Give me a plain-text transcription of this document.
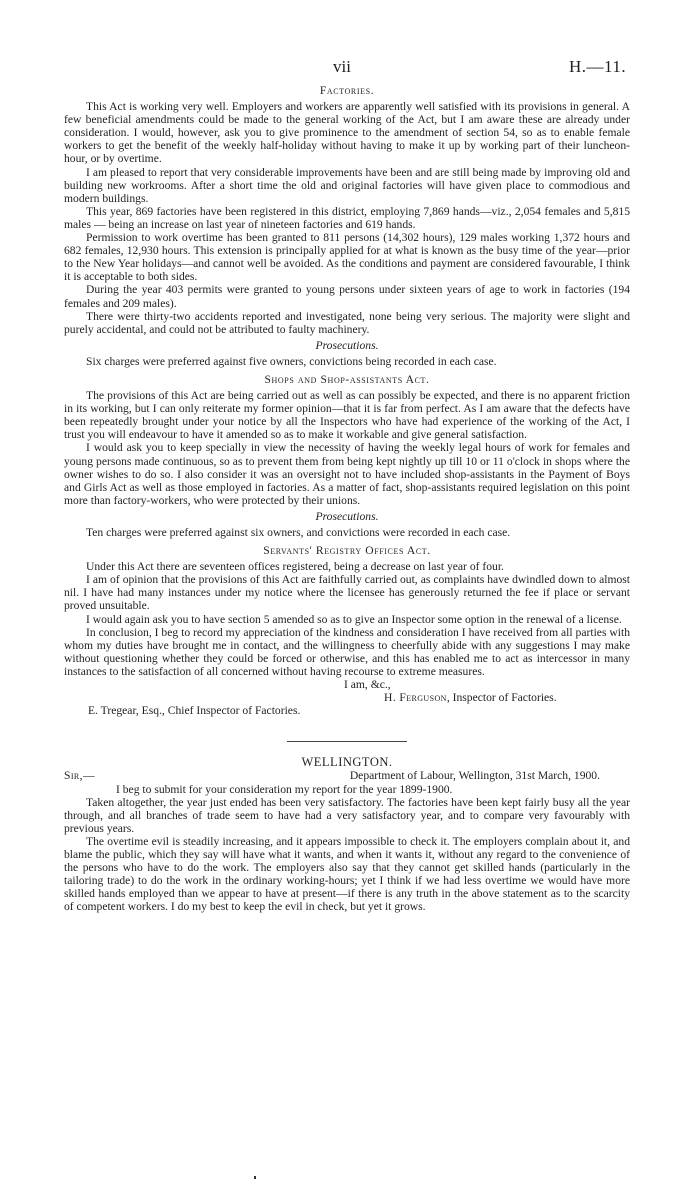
vii	H.—11.
Factories.

This Act is working very well. Employers and workers are apparently well satisfied with its provisions in general. A few beneficial amendments could be made to the general working of the Act, but I am aware these are already under consideration. I would, however, ask you to give prominence to the amendment of section 54, so as to enable female workers to get the benefit of the weekly half-holiday without having to make it up by working part of their luncheon-hour, or by overtime.

I am pleased to report that very considerable improvements have been and are still being made by improving old and building new workrooms. After a short time the old and original factories will have given place to commodious and modern buildings.

This year, 869 factories have been registered in this district, employing 7,869 hands—viz., 2,054 females and 5,815 males — being an increase on last year of nineteen factories and 619 hands.

Permission to work overtime has been granted to 811 persons (14,302 hours), 129 males working 1,372 hours and 682 females, 12,930 hours. This extension is principally applied for at what is known as the busy time of the year—prior to the New Year holidays—and cannot well be avoided. As the conditions and payment are considered favourable, I think it is acceptable to both sides.

During the year 403 permits were granted to young persons under sixteen years of age to work in factories (194 females and 209 males).

There were thirty-two accidents reported and investigated, none being very serious. The majority were slight and purely accidental, and could not be attributed to faulty machinery.

Prosecutions.

Six charges were preferred against five owners, convictions being recorded in each case.

Shops and Shop-assistants Act.

The provisions of this Act are being carried out as well as can possibly be expected, and there is no apparent friction in its working, but I can only reiterate my former opinion—that it is far from perfect. As I am aware that the defects have been repeatedly brought under your notice by all the Inspectors who have had experience of the working of the Act, I trust you will endeavour to have it amended so as to make it workable and give general satisfaction.

I would ask you to keep specially in view the necessity of having the weekly legal hours of work for females and young persons made continuous, so as to prevent them from being kept nightly up till 10 or 11 o'clock in shops where the owner wishes to do so. I also consider it was an oversight not to have included shop-assistants in the Payment of Boys and Girls Act as well as those employed in factories. As a matter of fact, shop-assistants required legislation on this point more than factory-workers, who were protected by their unions.

Prosecutions.

Ten charges were preferred against six owners, and convictions were recorded in each case.

Servants' Registry Offices Act.

Under this Act there are seventeen offices registered, being a decrease on last year of four.

I am of opinion that the provisions of this Act are faithfully carried out, as complaints have dwindled down to almost nil. I have had many instances under my notice where the licensee has generously returned the fee if place or servant proved unsuitable.

I would again ask you to have section 5 amended so as to give an Inspector some option in the renewal of a license.

In conclusion, I beg to record my appreciation of the kindness and consideration I have received from all parties with whom my duties have brought me in contact, and the willingness to cheerfully abide with any suggestions I may make without questioning whether they could be forced or otherwise, and this has enabled me to act as intercessor in many instances to the satisfaction of all concerned without having recourse to extreme measures.

I am, &c.,

H. Ferguson, Inspector of Factories.

E. Tregear, Esq., Chief Inspector of Factories.

WELLINGTON.
Sir,—	Department of Labour, Wellington, 31st March, 1900.

I beg to submit for your consideration my report for the year 1899-1900.

Taken altogether, the year just ended has been very satisfactory. The factories have been kept fairly busy all the year through, and all branches of trade seem to have had a very satisfactory year, and to compare very favourably with previous years.

The overtime evil is steadily increasing, and it appears impossible to check it. The employers complain about it, and blame the public, which they say will have what it wants, and when it wants it, without any regard to the convenience of the persons who have to do the work. The employers also say that they cannot get skilled hands (particularly in the tailoring trade) to do the work in the ordinary working-hours; yet I think if we had less overtime we would have more skilled hands employed than we appear to have at present—if there is any truth in the above statement as to the scarcity of competent workers. I do my best to keep the evil in check, but yet it grows.
